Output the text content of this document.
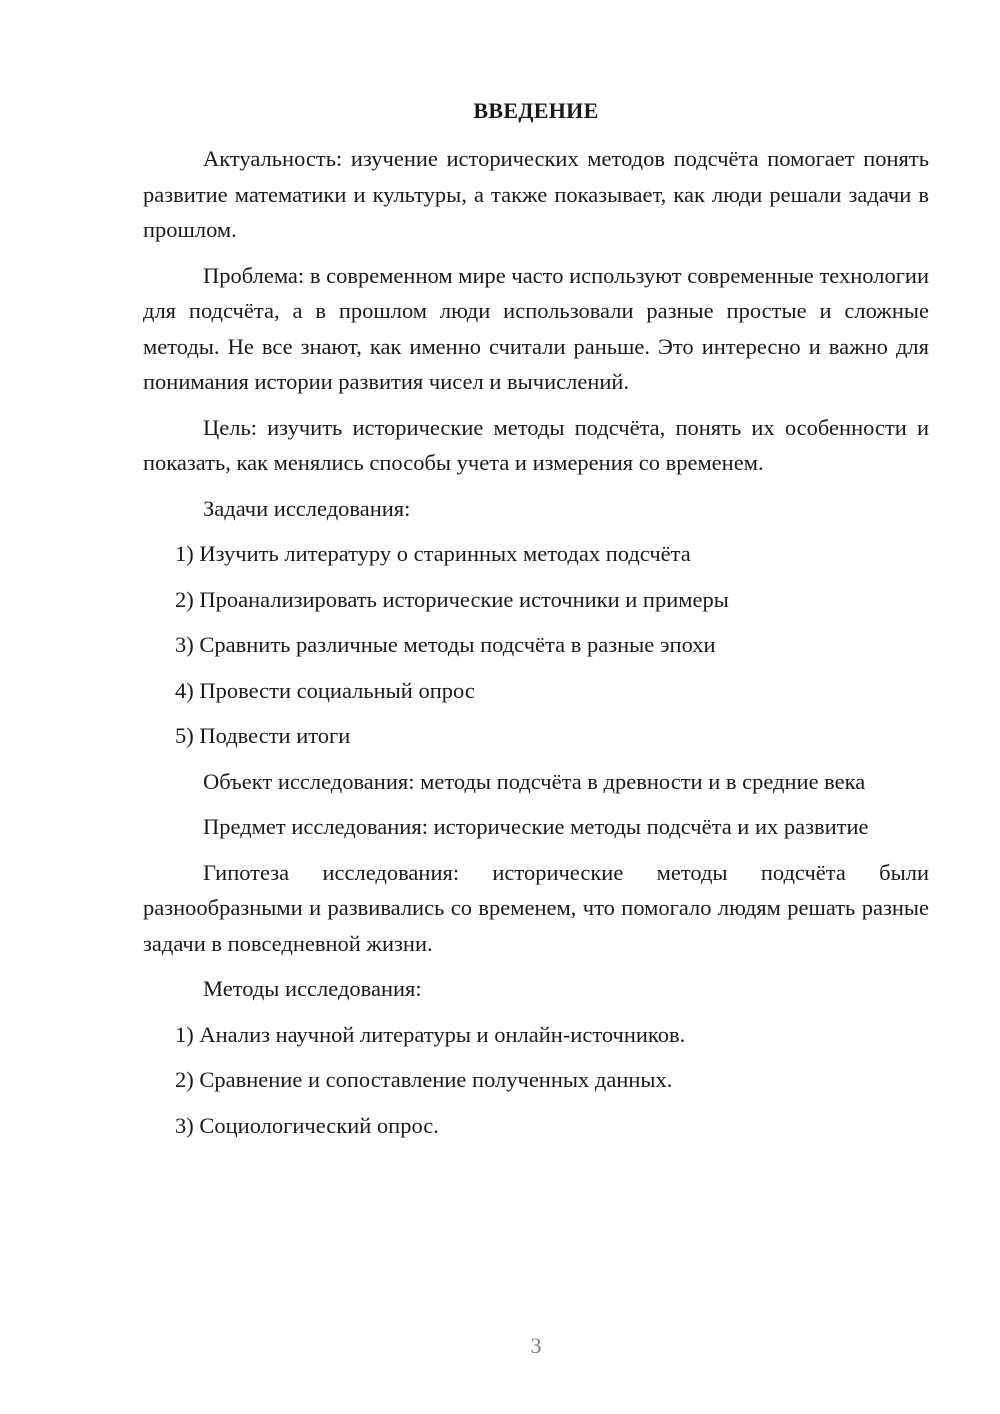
ВВЕДЕНИЕ

Актуальность: изучение исторических методов подсчёта помогает понять развитие математики и культуры, а также показывает, как люди решали задачи в прошлом.

Проблема: в современном мире часто используют современные технологии для подсчёта, а в прошлом люди использовали разные простые и сложные методы. Не все знают, как именно считали раньше. Это интересно и важно для понимания истории развития чисел и вычислений.

Цель: изучить исторические методы подсчёта, понять их особенности и показать, как менялись способы учета и измерения со временем.

Задачи исследования:

1) Изучить литературу о старинных методах подсчёта
2) Проанализировать исторические источники и примеры
3) Сравнить различные методы подсчёта в разные эпохи
4) Провести социальный опрос
5) Подвести итоги

Объект исследования: методы подсчёта в древности и в средние века

Предмет исследования: исторические методы подсчёта и их развитие

Гипотеза исследования: исторические методы подсчёта были разнообразными и развивались со временем, что помогало людям решать разные задачи в повседневной жизни.

Методы исследования:

1) Анализ научной литературы и онлайн-источников.
2) Сравнение и сопоставление полученных данных.
3) Социологический опрос.
3
